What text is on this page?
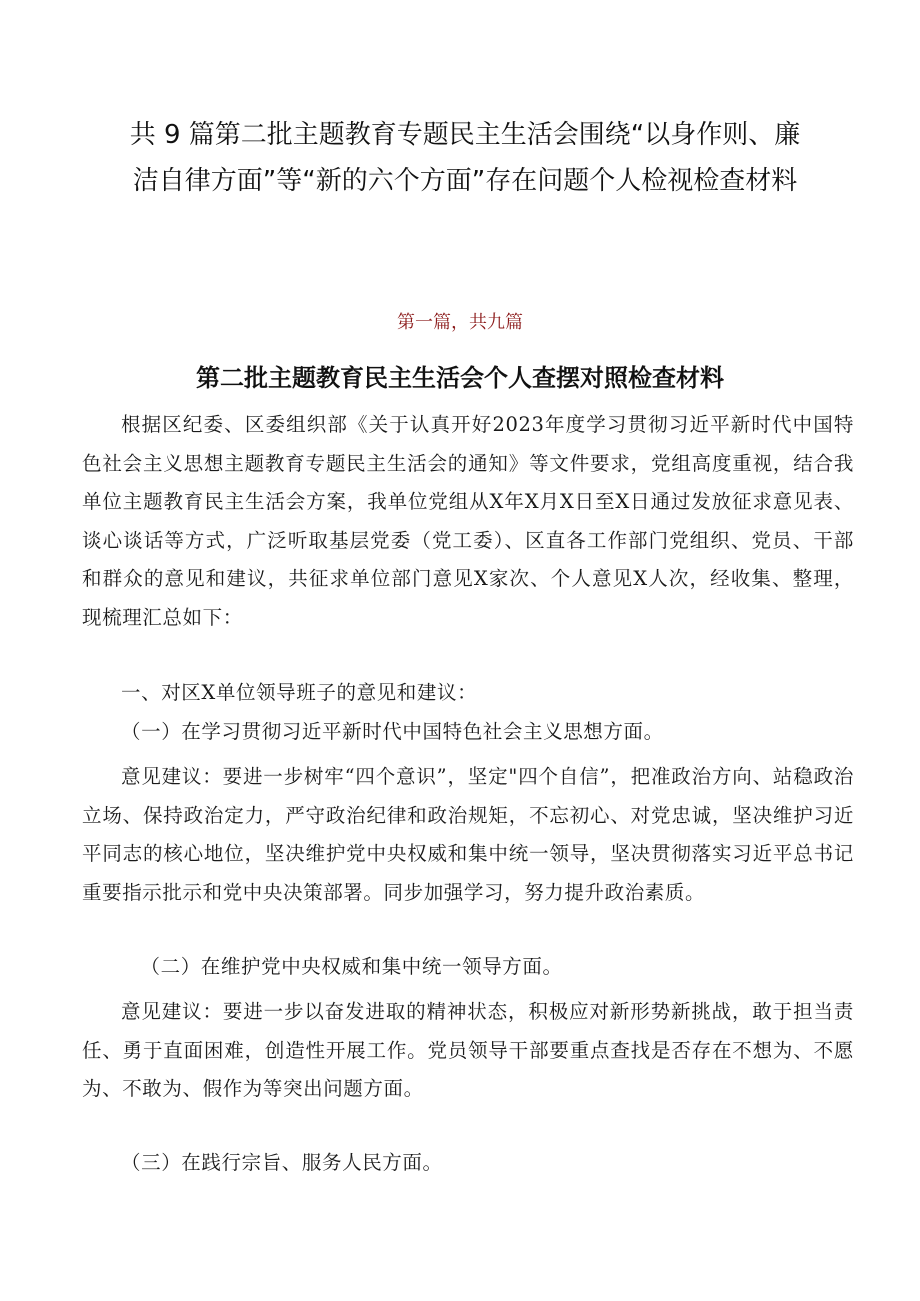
共 9 篇第二批主题教育专题民主生活会围绕“以身作则、廉洁自律方面”等“新的六个方面”存在问题个人检视检查材料
第一篇，共九篇
第二批主题教育民主生活会个人查摆对照检查材料

根据区纪委、区委组织部《关于认真开好2023年度学习贯彻习近平新时代中国特色社会主义思想主题教育专题民主生活会的通知》等文件要求，党组高度重视，结合我单位主题教育民主生活会方案，我单位党组从X年X月X日至X日通过发放征求意见表、谈心谈话等方式，广泛听取基层党委（党工委）、区直各工作部门党组织、党员、干部和群众的意见和建议，共征求单位部门意见X家次、个人意见X人次，经收集、整理，现梳理汇总如下：

一、对区X单位领导班子的意见和建议：

（一）在学习贯彻习近平新时代中国特色社会主义思想方面。

意见建议：要进一步树牢“四个意识”，坚定"四个自信”，把准政治方向、站稳政治立场、保持政治定力，严守政治纪律和政治规矩，不忘初心、对党忠诚，坚决维护习近平同志的核心地位，坚决维护党中央权威和集中统一领导，坚决贯彻落实习近平总书记重要指示批示和党中央决策部署。同步加强学习，努力提升政治素质。

（二）在维护党中央权威和集中统一领导方面。

意见建议：要进一步以奋发进取的精神状态，积极应对新形势新挑战，敢于担当责任、勇于直面困难，创造性开展工作。党员领导干部要重点查找是否存在不想为、不愿为、不敢为、假作为等突出问题方面。

（三）在践行宗旨、服务人民方面。
